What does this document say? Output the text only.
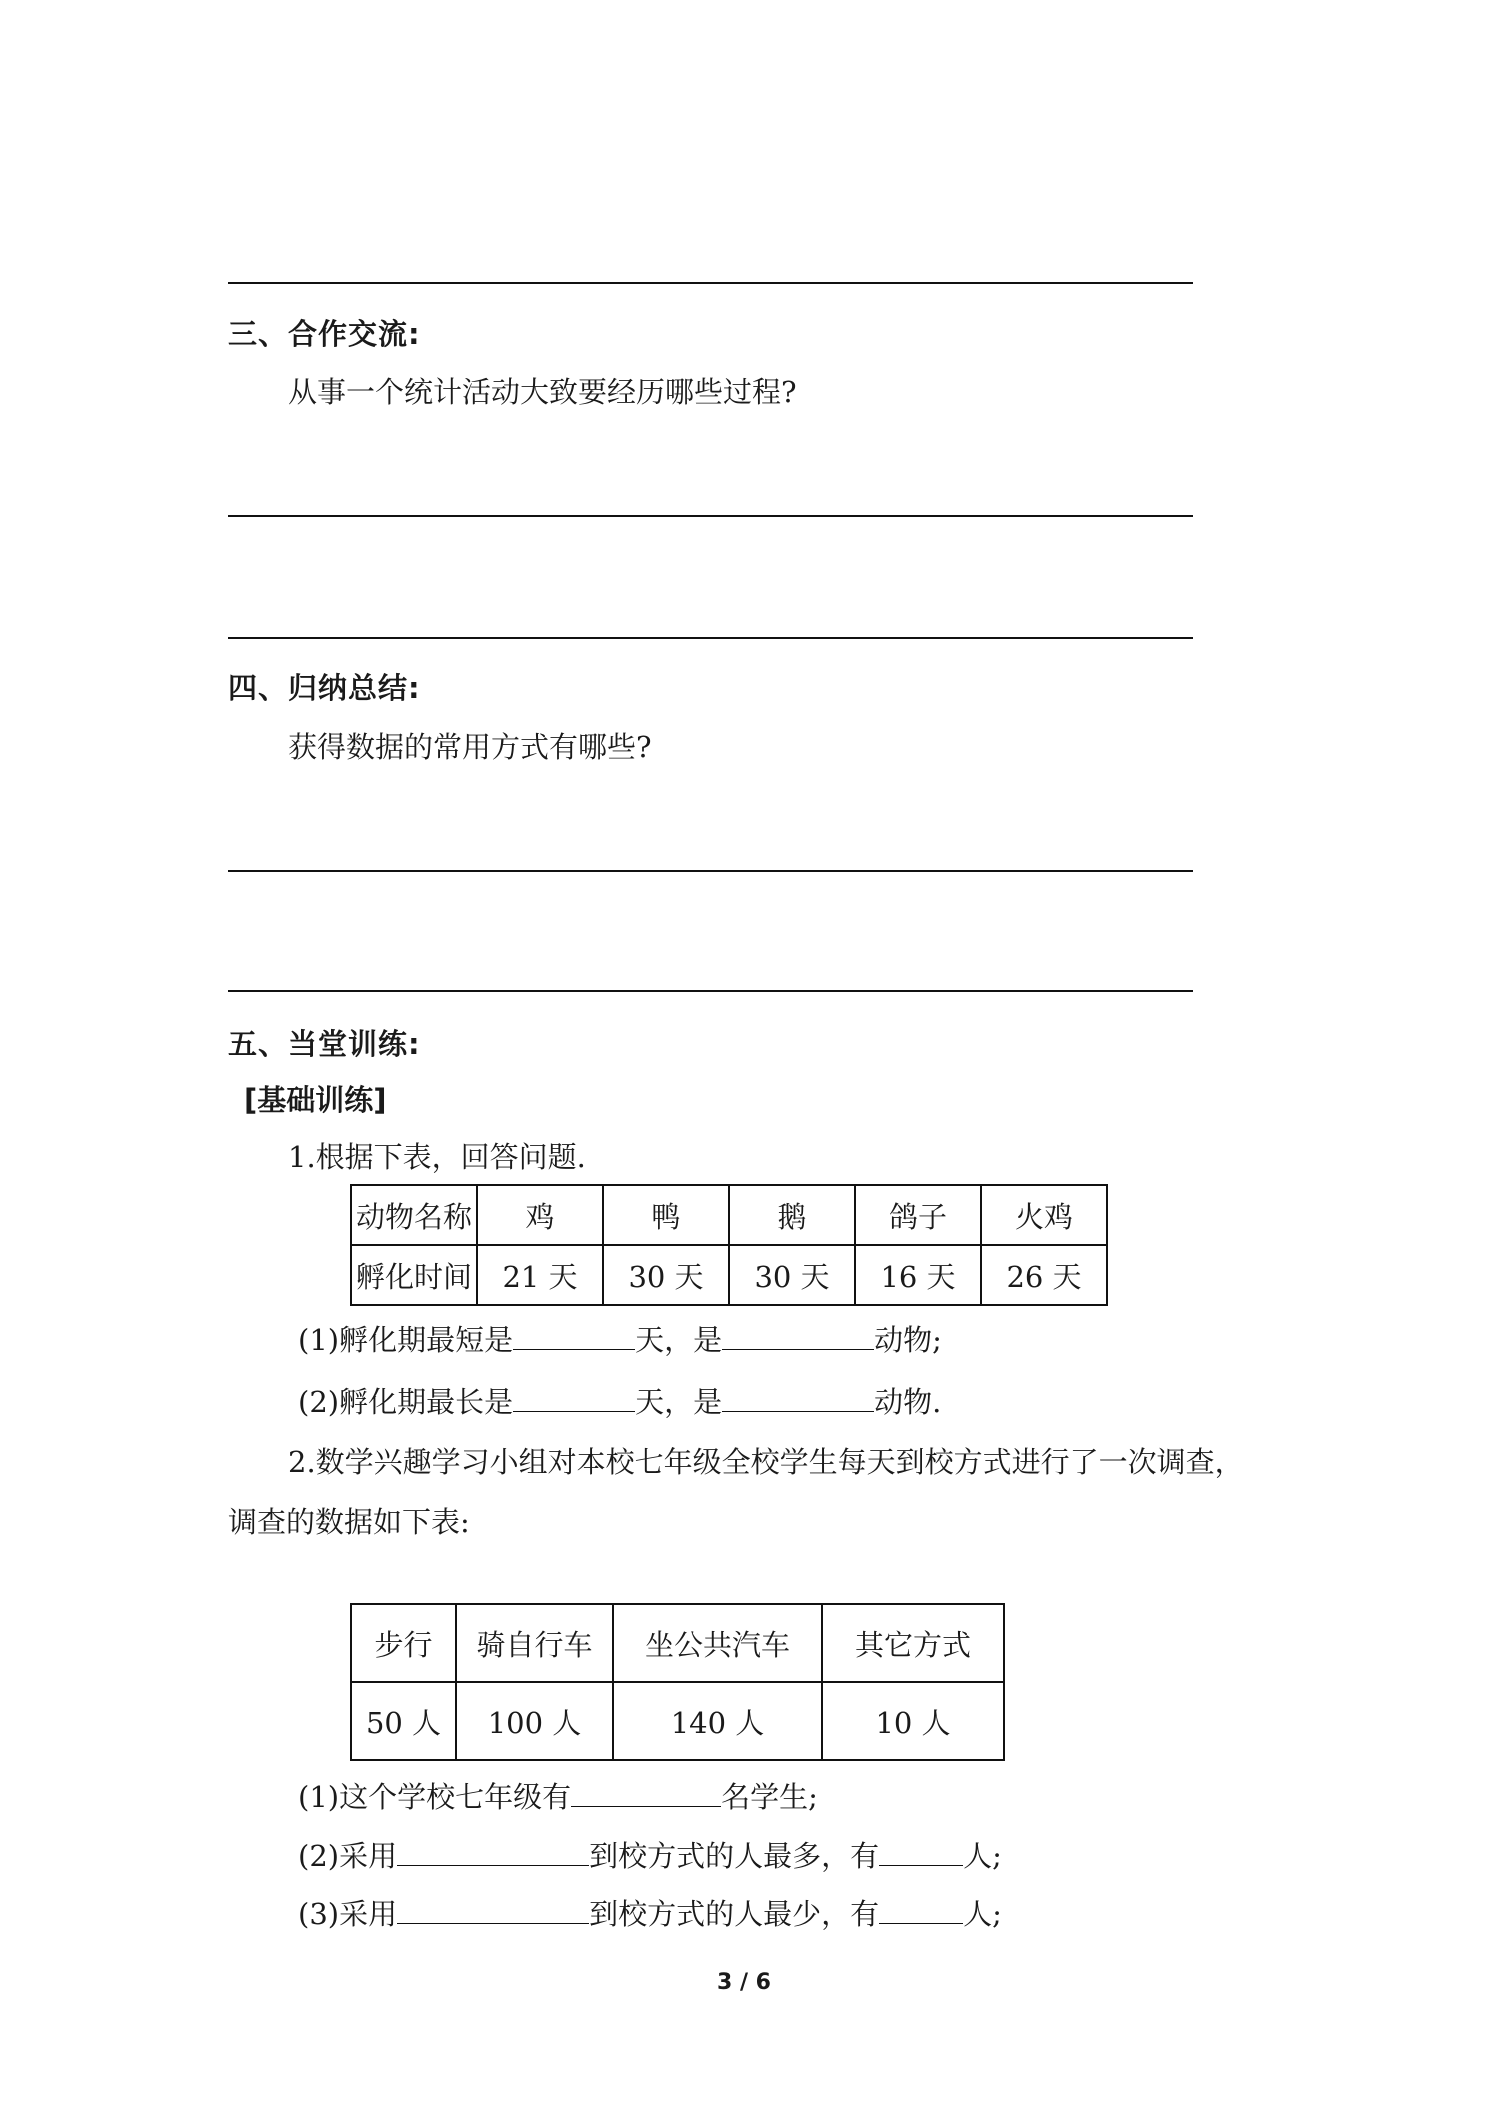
三、合作交流:
从事一个统计活动大致要经历哪些过程?
四、归纳总结:
获得数据的常用方式有哪些?
五、当堂训练:
[基础训练]
1.根据下表，回答问题.
动物名称	鸡	鸭	鹅	鸽子	火鸡
孵化时间	21 天	30 天	30 天	16 天	26 天
(1)孵化期最短是	天，是	动物;
(2)孵化期最长是	天，是	动物.
2.数学兴趣学习小组对本校七年级全校学生每天到校方式进行了一次调查，
调查的数据如下表:
步行	骑自行车	坐公共汽车	其它方式
50 人	100 人	140 人	10 人
(1)这个学校七年级有	名学生;
(2)采用	到校方式的人最多，有	人;
(3)采用	到校方式的人最少，有	人;
3 / 6
